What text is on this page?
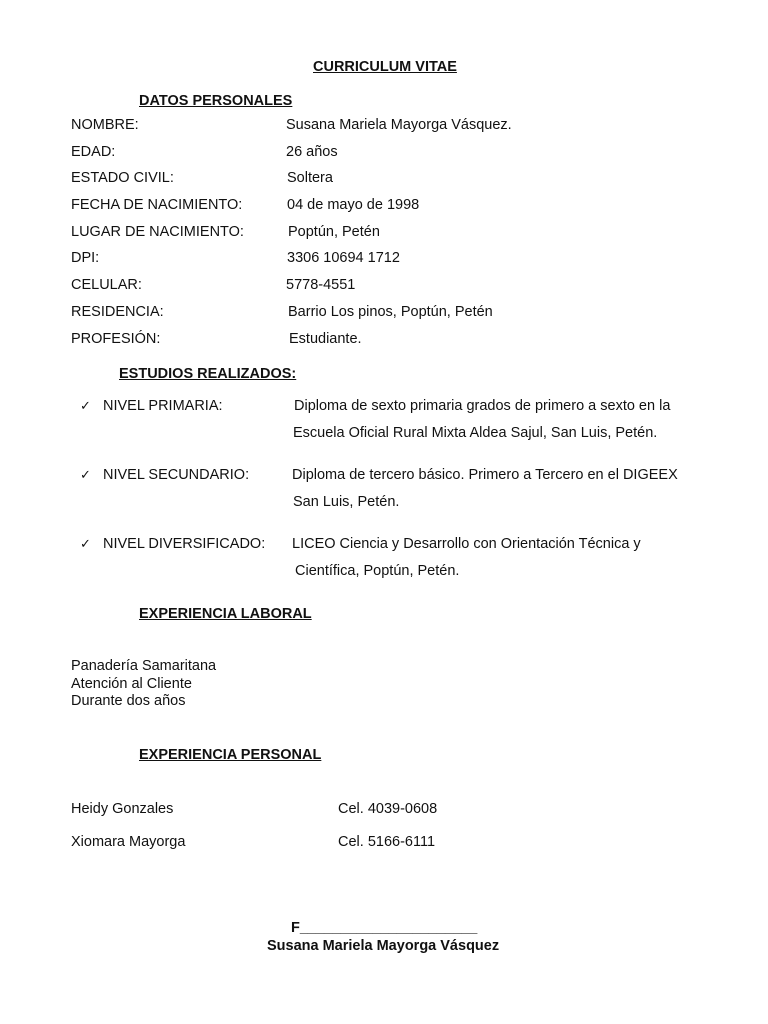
CURRICULUM VITAE
DATOS PERSONALES
NOMBRE:	Susana Mariela Mayorga Vásquez.
EDAD:	26 años
ESTADO CIVIL:	Soltera
FECHA DE NACIMIENTO:	04 de mayo de 1998
LUGAR DE NACIMIENTO:	Poptún, Petén
DPI:	3306 10694 1712
CELULAR:	5778-4551
RESIDENCIA:	Barrio Los pinos, Poptún, Petén
PROFESIÓN:	Estudiante.
ESTUDIOS REALIZADOS:
✓ NIVEL PRIMARIA:	Diploma de sexto primaria grados de primero a sexto en la
Escuela Oficial Rural Mixta Aldea Sajul, San Luis, Petén.
✓ NIVEL SECUNDARIO:	Diploma de tercero básico. Primero a Tercero en el DIGEEX
San Luis, Petén.
✓ NIVEL DIVERSIFICADO: LICEO Ciencia y Desarrollo con Orientación Técnica y
Científica, Poptún, Petén.
EXPERIENCIA LABORAL
Panadería Samaritana
Atención al Cliente
Durante dos años
EXPERIENCIA PERSONAL
Heidy Gonzales	Cel. 4039-0608
Xiomara Mayorga	Cel. 5166-6111
F______________________
Susana Mariela Mayorga Vásquez
